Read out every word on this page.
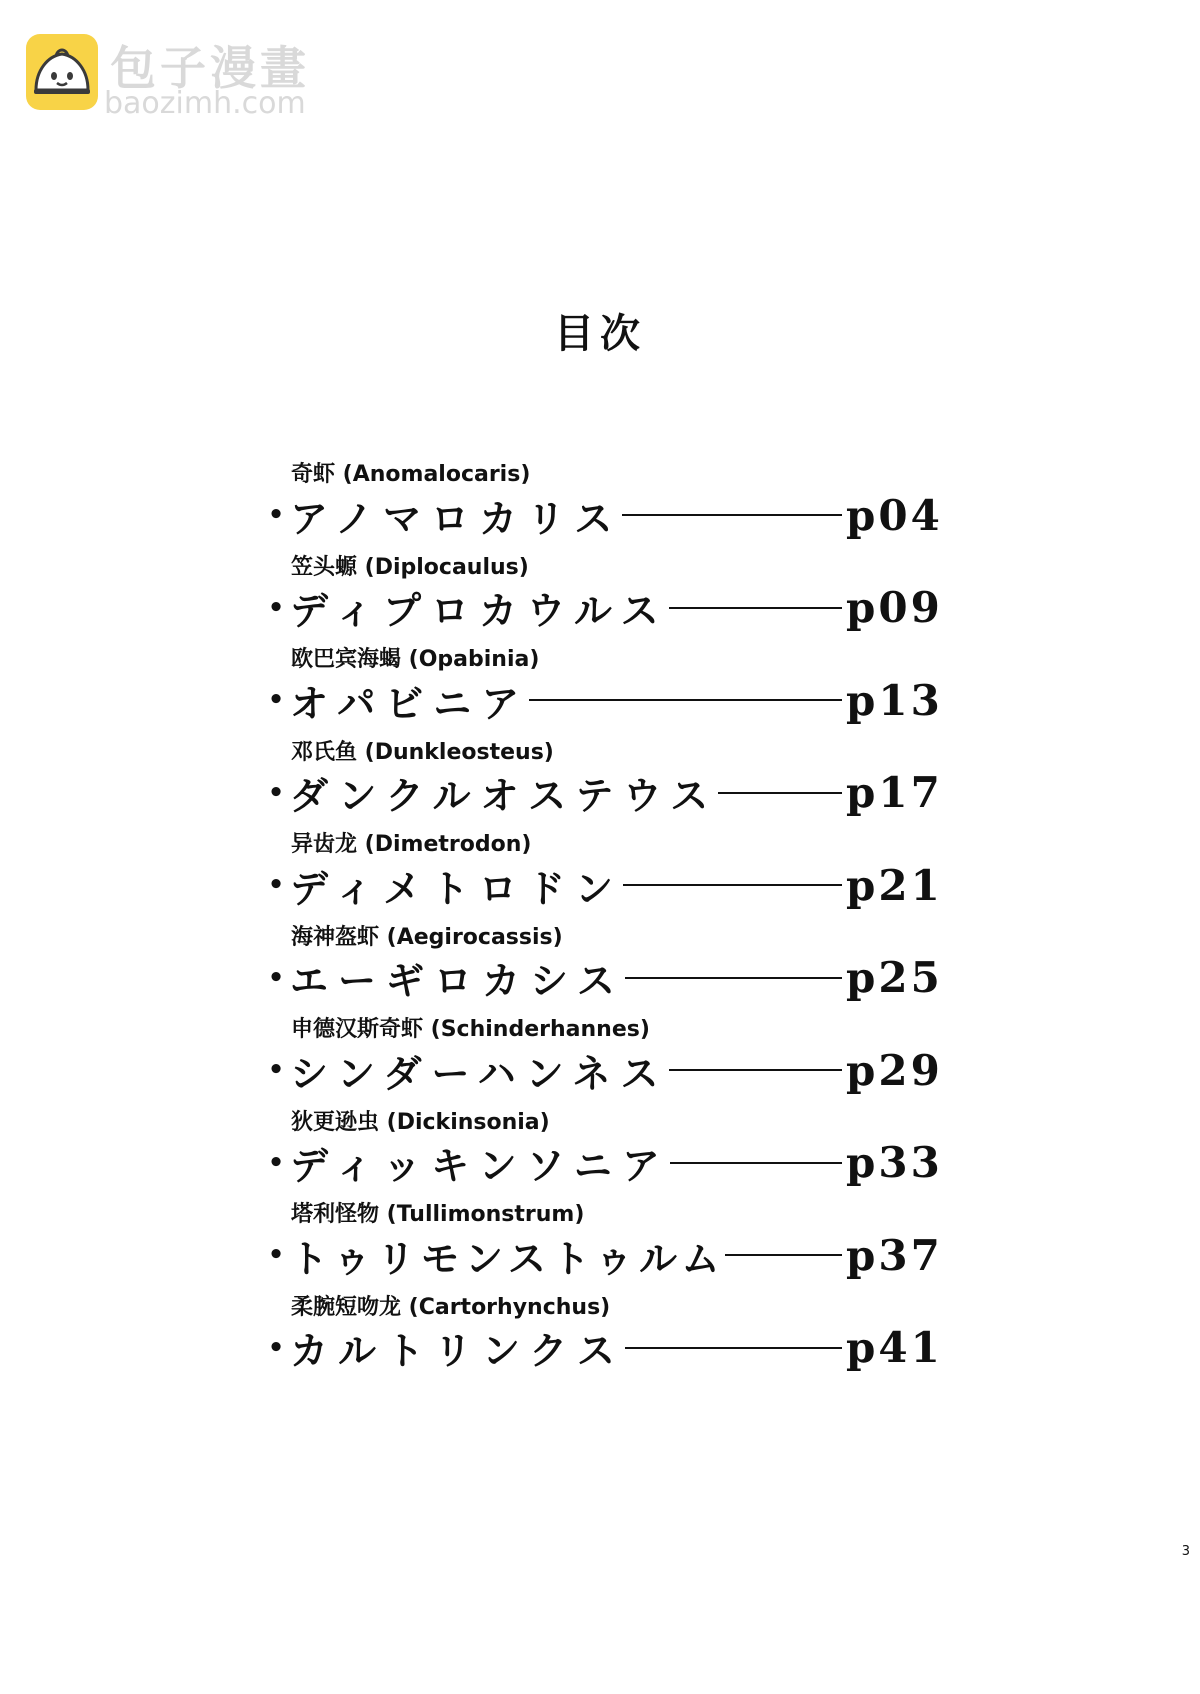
包子漫畫
baozimh.com
目次
奇虾 (Anomalocaris)
• アノマロカリス	p04
笠头螈 (Diplocaulus)
• ディプロカウルス	p09
欧巴宾海蝎 (Opabinia)
• オパビニア	p13
邓氏鱼 (Dunkleosteus)
• ダンクルオステウス	p17
异齿龙 (Dimetrodon)
• ディメトロドン	p21
海神盔虾 (Aegirocassis)
• エーギロカシス	p25
申德汉斯奇虾 (Schinderhannes)
• シンダーハンネス	p29
狄更逊虫 (Dickinsonia)
• ディッキンソニア	p33
塔利怪物 (Tullimonstrum)
• トゥリモンストゥルム	p37
柔腕短吻龙 (Cartorhynchus)
• カルトリンクス	p41
3
